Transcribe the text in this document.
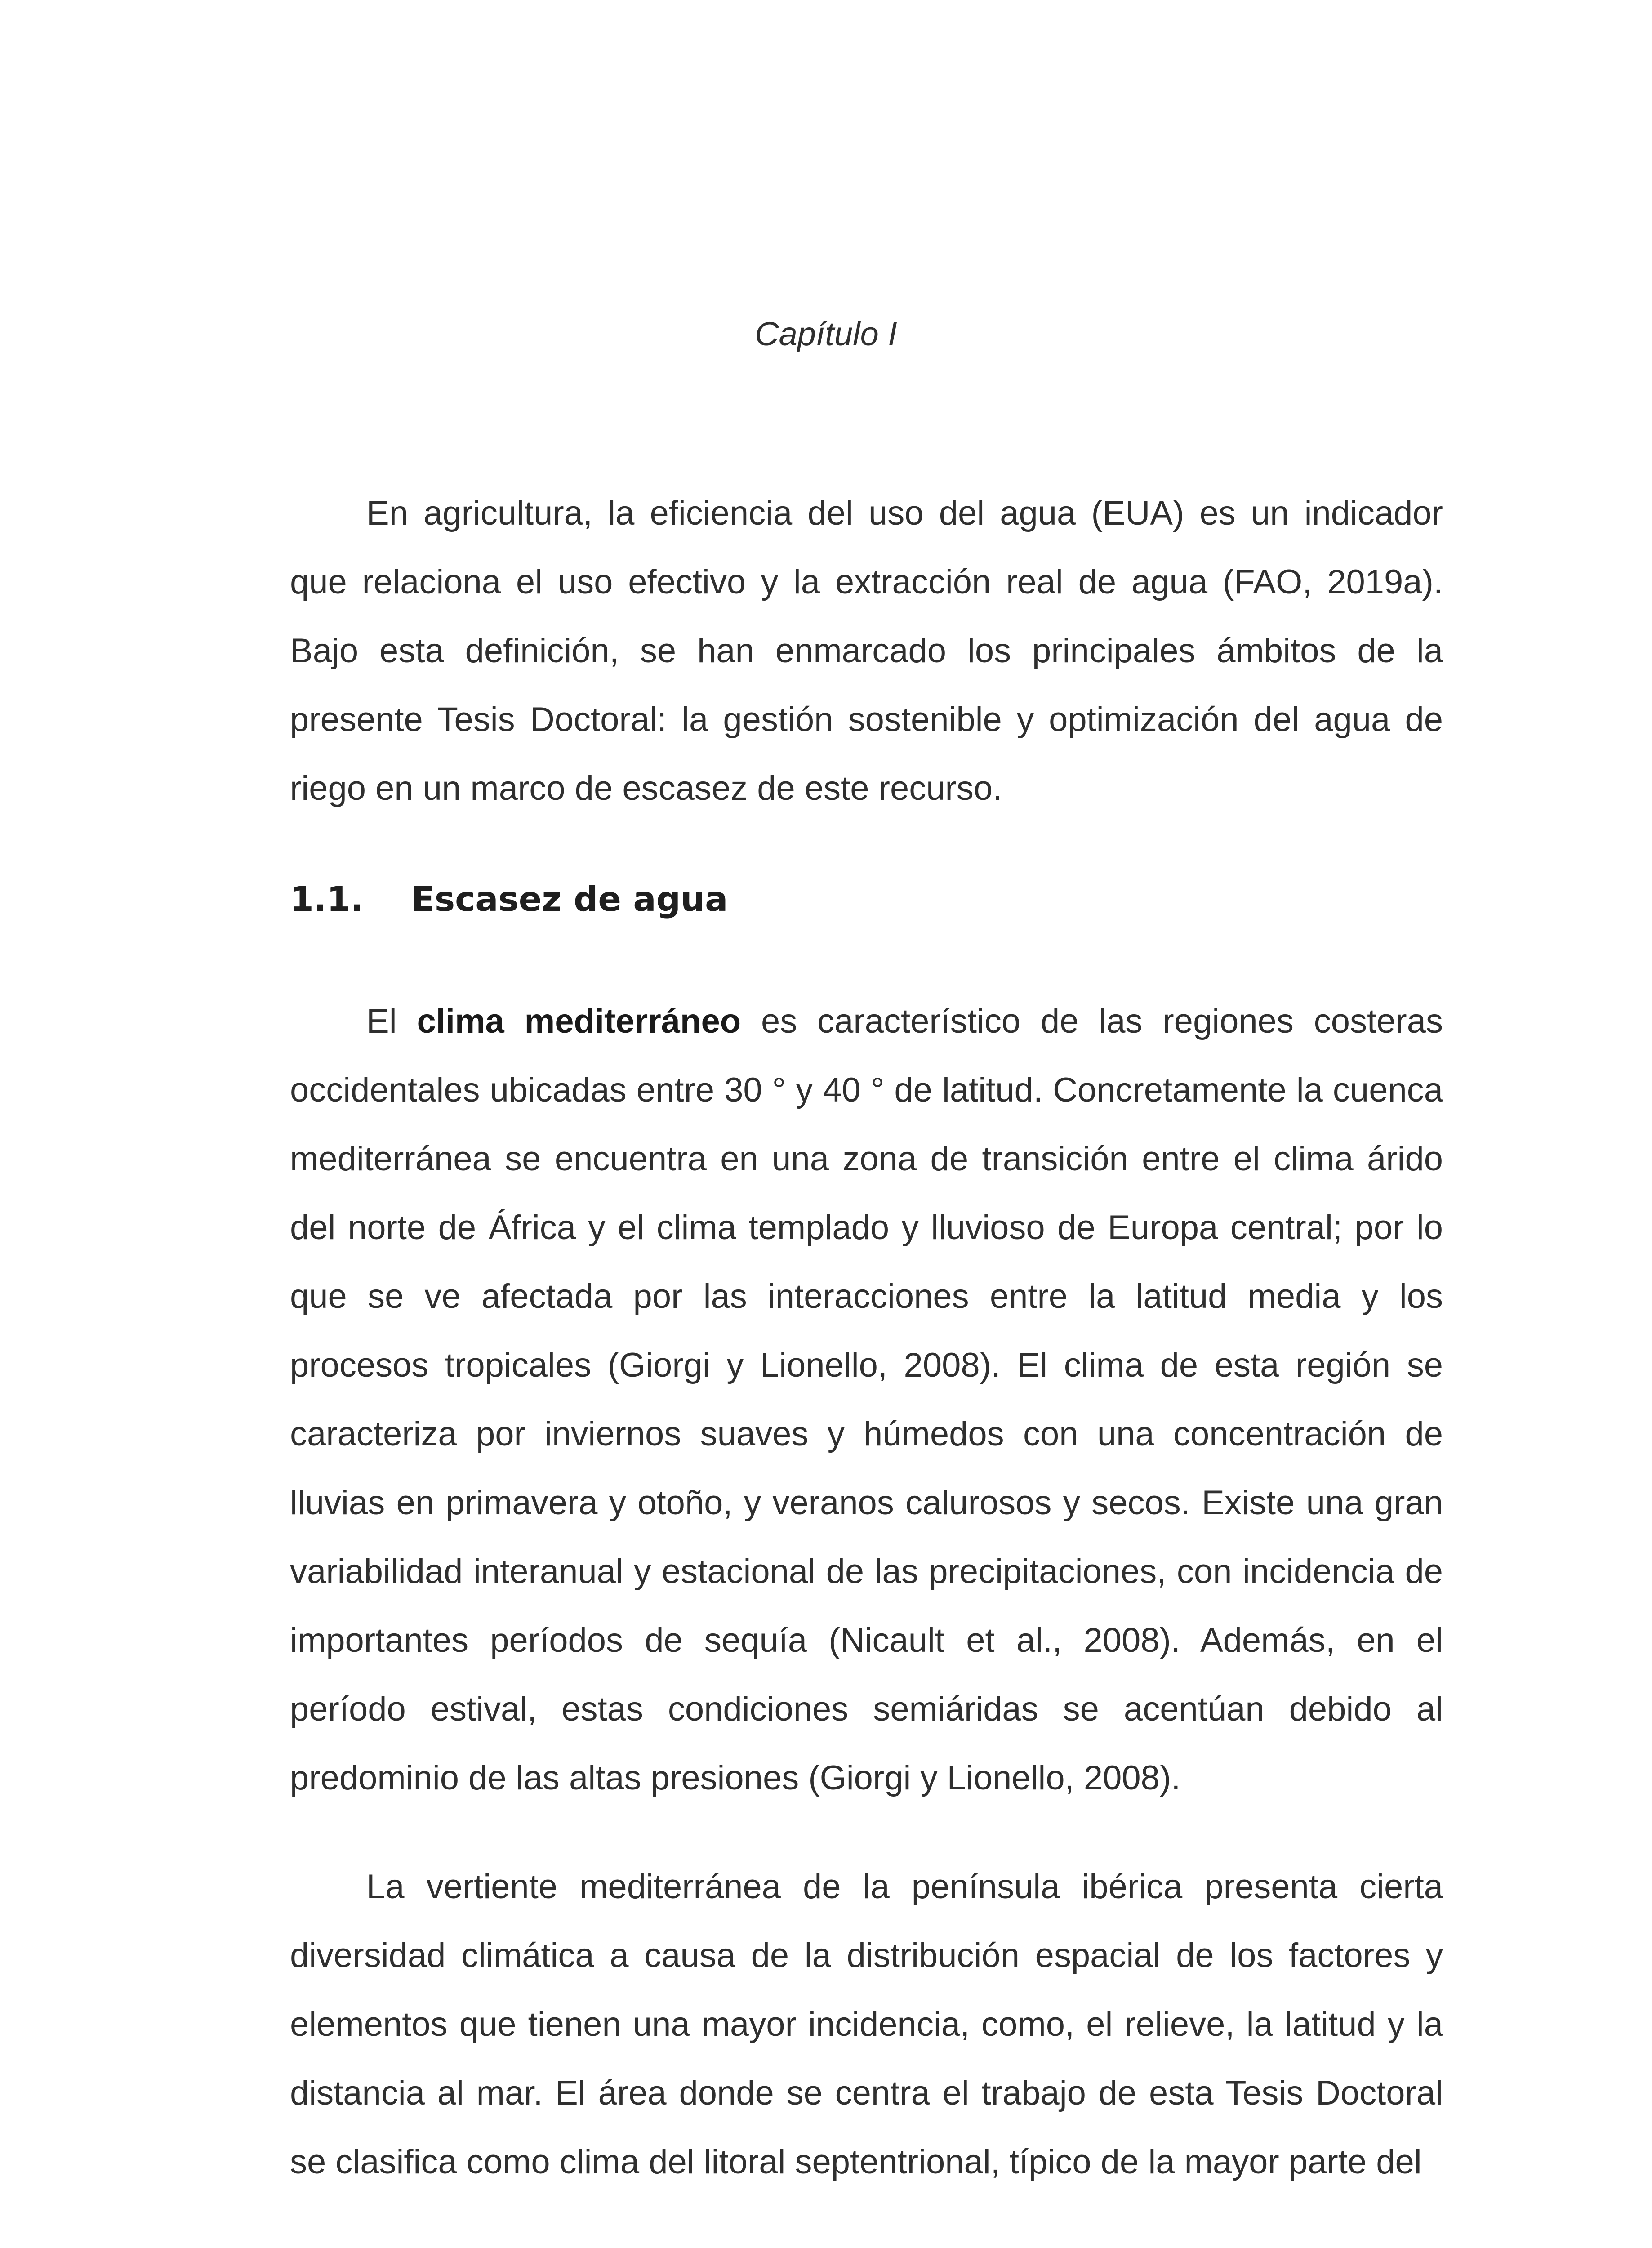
Capítulo I

En agricultura, la eficiencia del uso del agua (EUA) es un indicador que relaciona el uso efectivo y la extracción real de agua (FAO, 2019a). Bajo esta definición, se han enmarcado los principales ámbitos de la presente Tesis Doctoral: la gestión sostenible y optimización del agua de riego en un marco de escasez de este recurso.

1.1. Escasez de agua

El clima mediterráneo es característico de las regiones costeras occidentales ubicadas entre 30 ° y 40 ° de latitud. Concretamente la cuenca mediterránea se encuentra en una zona de transición entre el clima árido del norte de África y el clima templado y lluvioso de Europa central; por lo que se ve afectada por las interacciones entre la latitud media y los procesos tropicales (Giorgi y Lionello, 2008). El clima de esta región se caracteriza por inviernos suaves y húmedos con una concentración de lluvias en primavera y otoño, y veranos calurosos y secos. Existe una gran variabilidad interanual y estacional de las precipitaciones, con incidencia de importantes períodos de sequía (Nicault et al., 2008). Además, en el período estival, estas condiciones semiáridas se acentúan debido al predominio de las altas presiones (Giorgi y Lionello, 2008).

La vertiente mediterránea de la península ibérica presenta cierta diversidad climática a causa de la distribución espacial de los factores y elementos que tienen una mayor incidencia, como, el relieve, la latitud y la distancia al mar. El área donde se centra el trabajo de esta Tesis Doctoral se clasifica como clima del litoral septentrional, típico de la mayor parte del
